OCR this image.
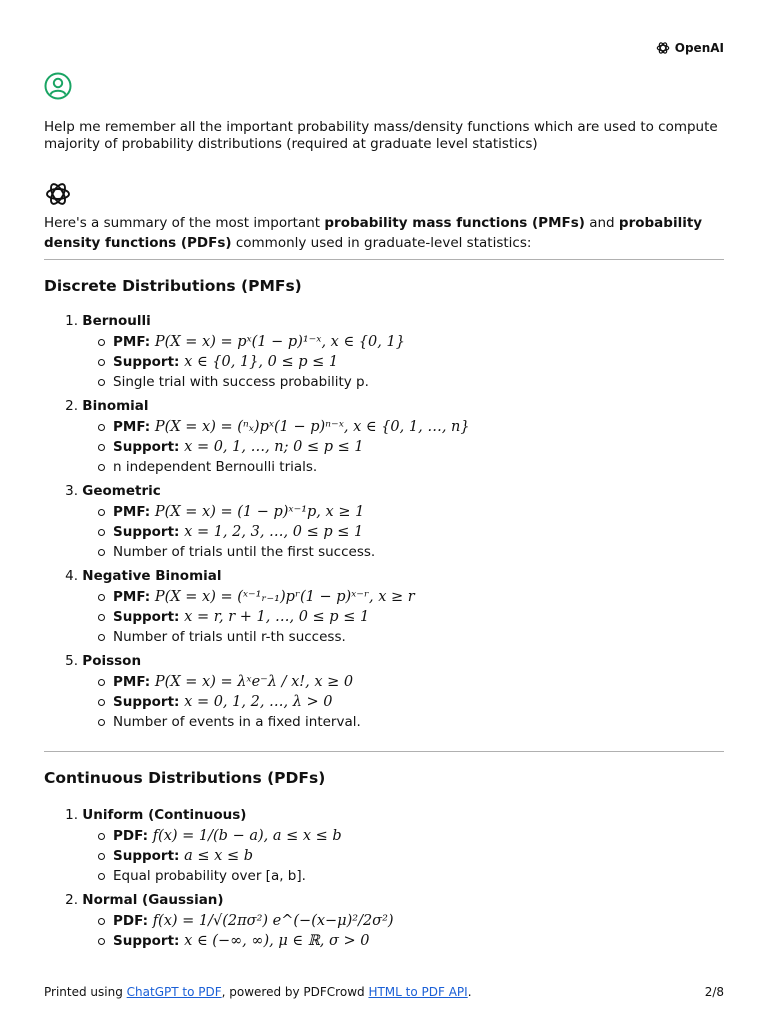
OpenAI
Help me remember all the important probability mass/density functions which are used to compute majority of probability distributions (required at graduate level statistics)
Here's a summary of the most important probability mass functions (PMFs) and probability density functions (PDFs) commonly used in graduate-level statistics:
Discrete Distributions (PMFs)
1. Bernoulli
PMF: P(X = x) = pˣ(1 − p)¹⁻ˣ, x ∈ {0, 1}
Support: x ∈ {0, 1}, 0 ≤ p ≤ 1
Single trial with success probability p.
2. Binomial
PMF: P(X = x) = (ⁿₓ)pˣ(1 − p)ⁿ⁻ˣ, x ∈ {0, 1, …, n}
Support: x = 0, 1, …, n; 0 ≤ p ≤ 1
n independent Bernoulli trials.
3. Geometric
PMF: P(X = x) = (1 − p)ˣ⁻¹p, x ≥ 1
Support: x = 1, 2, 3, …, 0 ≤ p ≤ 1
Number of trials until the first success.
4. Negative Binomial
PMF: P(X = x) = (ˣ⁻¹ᵣ₋₁)pʳ(1 − p)ˣ⁻ʳ, x ≥ r
Support: x = r, r + 1, …, 0 ≤ p ≤ 1
Number of trials until r-th success.
5. Poisson
PMF: P(X = x) = λˣe⁻λ / x!, x ≥ 0
Support: x = 0, 1, 2, …, λ > 0
Number of events in a fixed interval.
Continuous Distributions (PDFs)
1. Uniform (Continuous)
PDF: f(x) = 1/(b − a), a ≤ x ≤ b
Support: a ≤ x ≤ b
Equal probability over [a, b].
2. Normal (Gaussian)
PDF: f(x) = 1/√(2πσ²) e^(−(x−μ)²/2σ²)
Support: x ∈ (−∞, ∞), μ ∈ ℝ, σ > 0
Printed using ChatGPT to PDF, powered by PDFCrowd HTML to PDF API.	2/8
